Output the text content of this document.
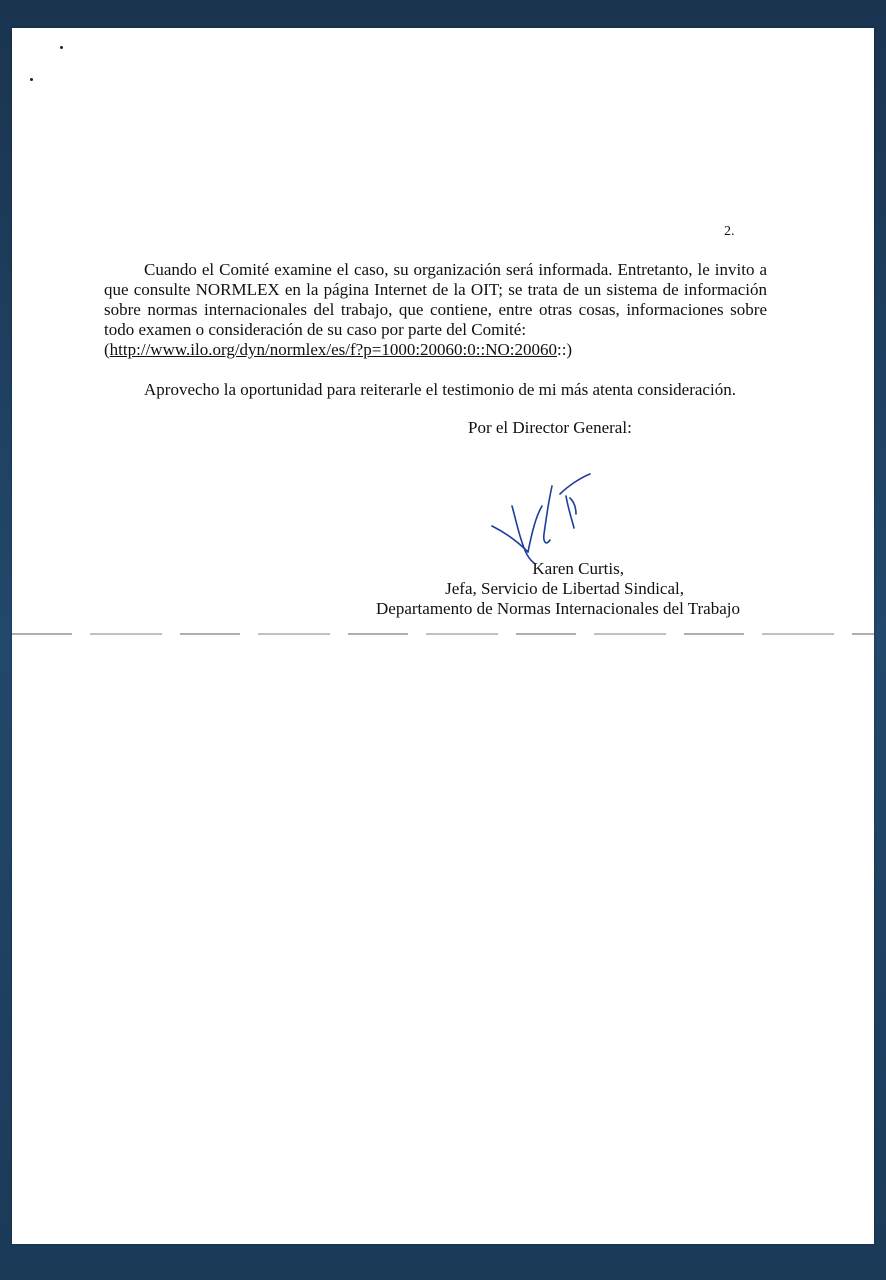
2.

Cuando el Comité examine el caso, su organización será informada. Entretanto, le invito a que consulte NORMLEX en la página Internet de la OIT; se trata de un sistema de información sobre normas internacionales del trabajo, que contiene, entre otras cosas, informaciones sobre todo examen o consideración de su caso por parte del Comité:

(http://www.ilo.org/dyn/normlex/es/f?p=1000:20060:0::NO:20060::)

Aprovecho la oportunidad para reiterarle el testimonio de mi más atenta consideración.

Por el Director General:
Karen Curtis,
Jefa, Servicio de Libertad Sindical,
Departamento de Normas Internacionales del Trabajo
